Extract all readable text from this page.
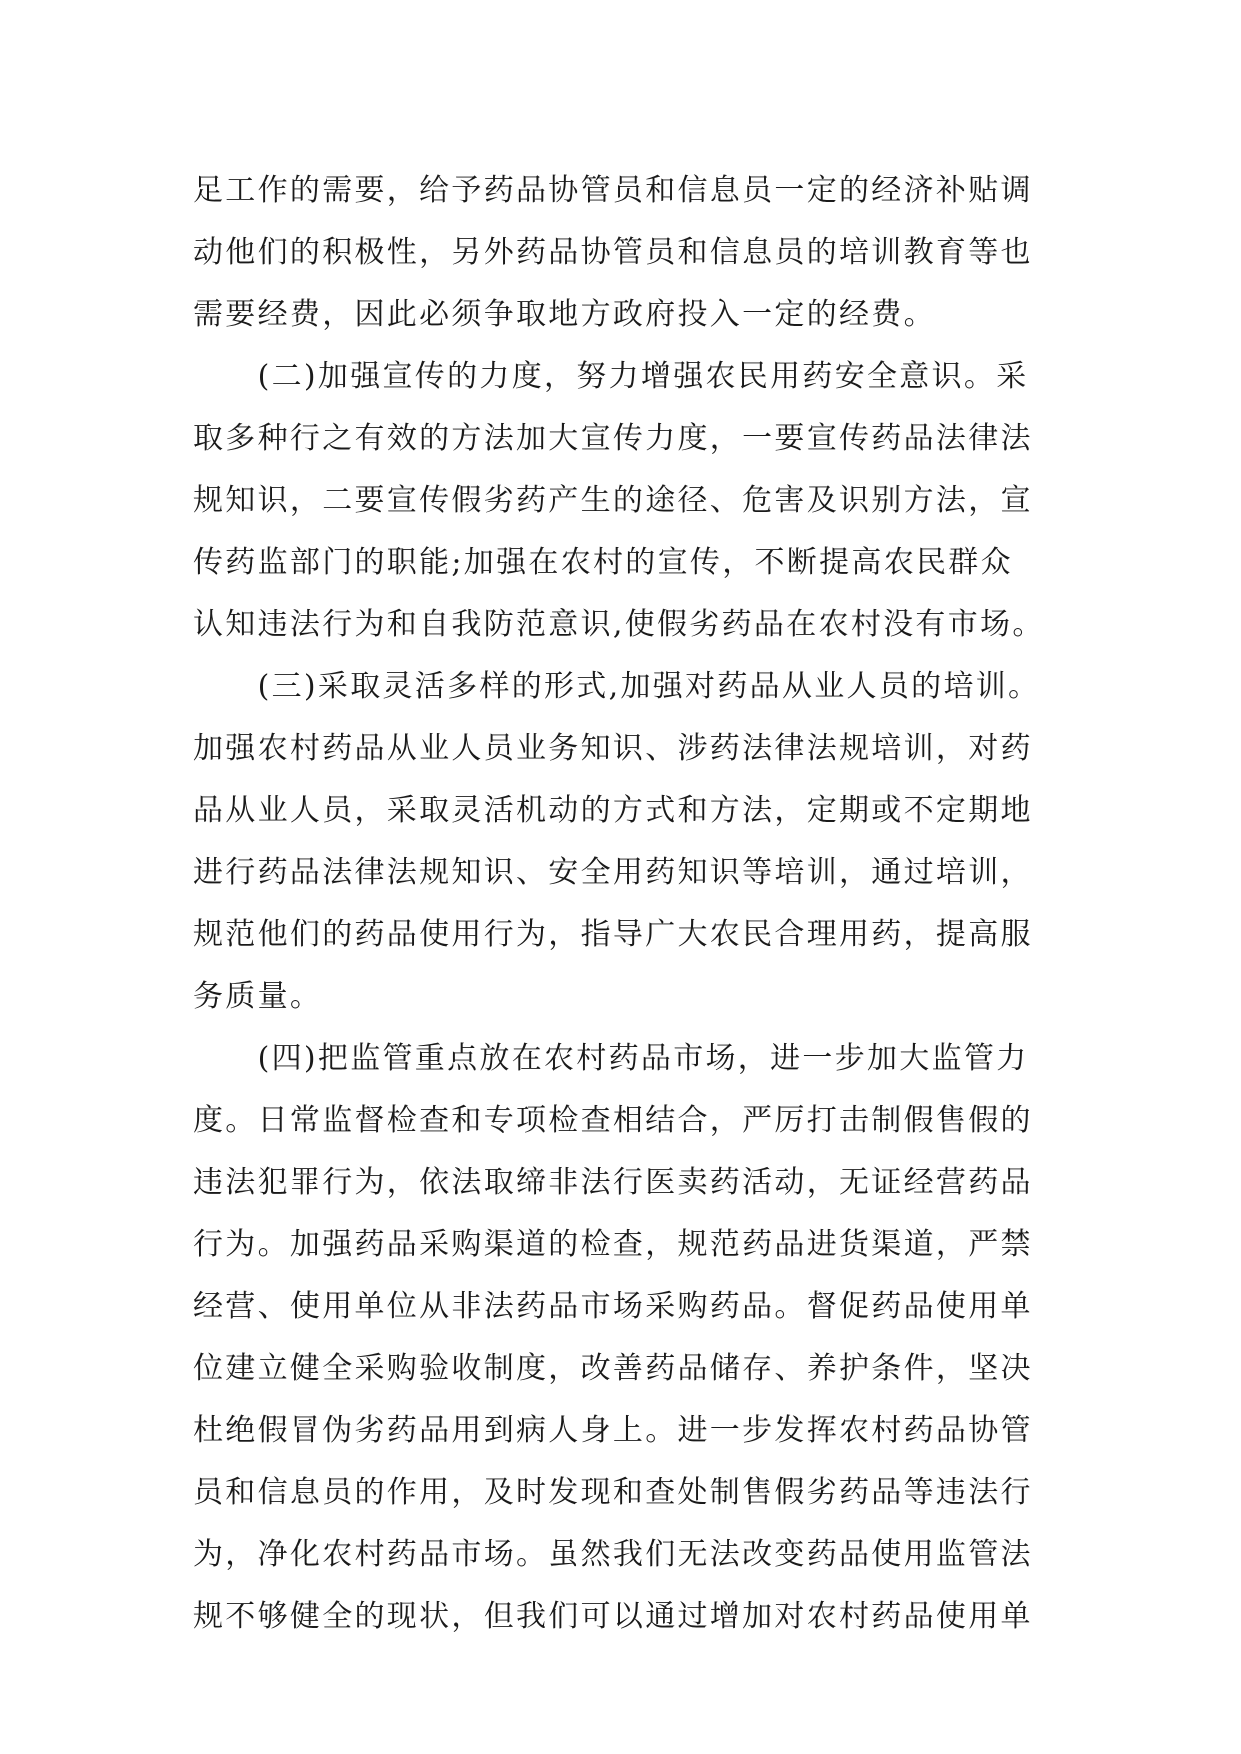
足工作的需要，给予药品协管员和信息员一定的经济补贴调
动他们的积极性，另外药品协管员和信息员的培训教育等也
需要经费，因此必须争取地方政府投入一定的经费。
　　(二)加强宣传的力度，努力增强农民用药安全意识。采
取多种行之有效的方法加大宣传力度，一要宣传药品法律法
规知识，二要宣传假劣药产生的途径、危害及识别方法，宣
传药监部门的职能;加强在农村的宣传，不断提高农民群众
认知违法行为和自我防范意识,使假劣药品在农村没有市场。
　　(三)采取灵活多样的形式,加强对药品从业人员的培训。
加强农村药品从业人员业务知识、涉药法律法规培训，对药
品从业人员，采取灵活机动的方式和方法，定期或不定期地
进行药品法律法规知识、安全用药知识等培训，通过培训，
规范他们的药品使用行为，指导广大农民合理用药，提高服
务质量。
　　(四)把监管重点放在农村药品市场，进一步加大监管力
度。日常监督检查和专项检查相结合，严厉打击制假售假的
违法犯罪行为，依法取缔非法行医卖药活动，无证经营药品
行为。加强药品采购渠道的检查，规范药品进货渠道，严禁
经营、使用单位从非法药品市场采购药品。督促药品使用单
位建立健全采购验收制度，改善药品储存、养护条件，坚决
杜绝假冒伪劣药品用到病人身上。进一步发挥农村药品协管
员和信息员的作用，及时发现和查处制售假劣药品等违法行
为，净化农村药品市场。虽然我们无法改变药品使用监管法
规不够健全的现状，但我们可以通过增加对农村药品使用单
